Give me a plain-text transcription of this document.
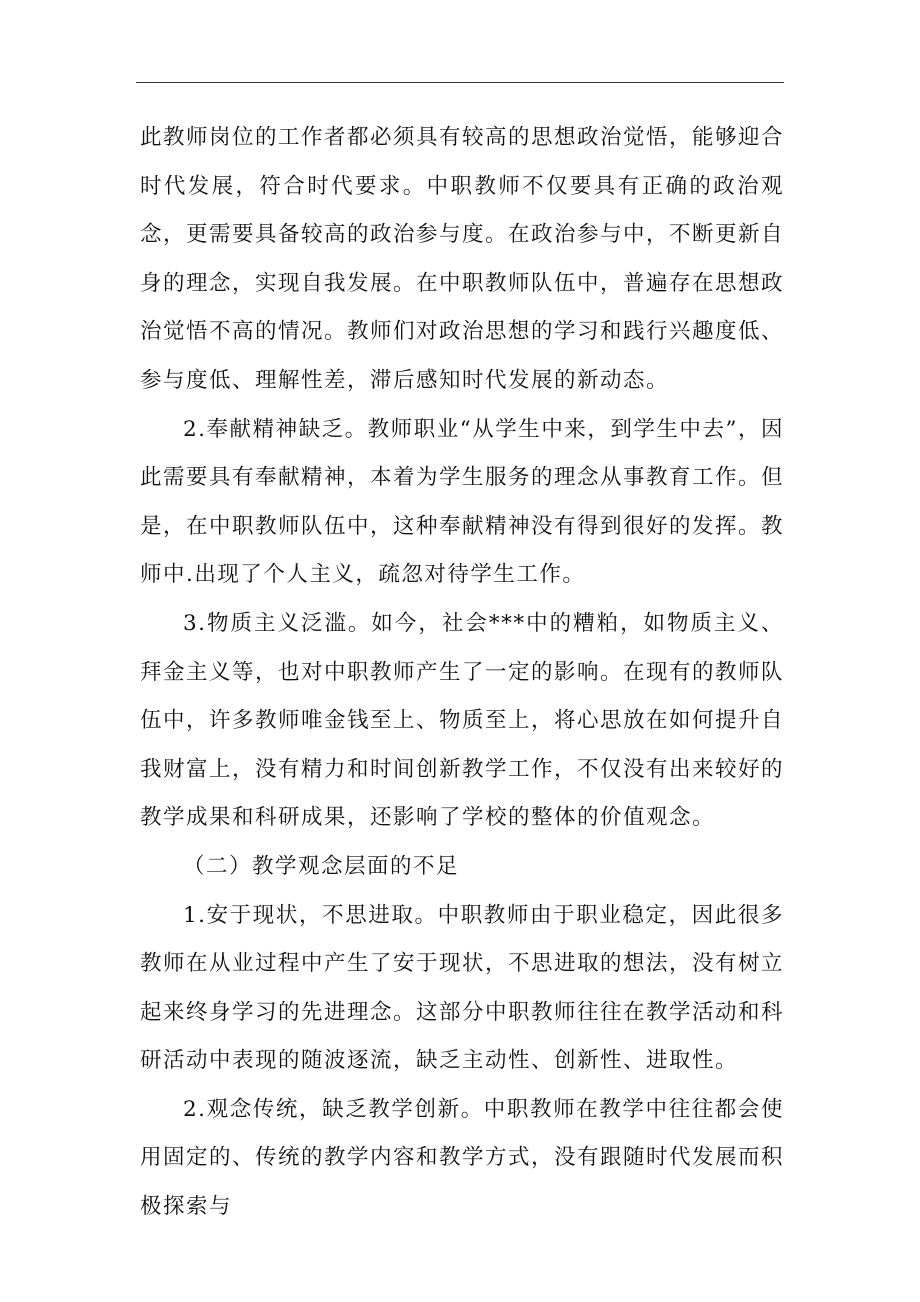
此教师岗位的工作者都必须具有较高的思想政治觉悟，能够迎合时代发展，符合时代要求。中职教师不仅要具有正确的政治观念，更需要具备较高的政治参与度。在政治参与中，不断更新自身的理念，实现自我发展。在中职教师队伍中，普遍存在思想政治觉悟不高的情况。教师们对政治思想的学习和践行兴趣度低、参与度低、理解性差，滞后感知时代发展的新动态。

2.奉献精神缺乏。教师职业“从学生中来，到学生中去”，因此需要具有奉献精神，本着为学生服务的理念从事教育工作。但是，在中职教师队伍中，这种奉献精神没有得到很好的发挥。教师中.出现了个人主义，疏忽对待学生工作。

3.物质主义泛滥。如今，社会***中的糟粕，如物质主义、拜金主义等，也对中职教师产生了一定的影响。在现有的教师队伍中，许多教师唯金钱至上、物质至上，将心思放在如何提升自我财富上，没有精力和时间创新教学工作，不仅没有出来较好的教学成果和科研成果，还影响了学校的整体的价值观念。

（二）教学观念层面的不足

1.安于现状，不思进取。中职教师由于职业稳定，因此很多教师在从业过程中产生了安于现状，不思进取的想法，没有树立起来终身学习的先进理念。这部分中职教师往往在教学活动和科研活动中表现的随波逐流，缺乏主动性、创新性、进取性。

2.观念传统，缺乏教学创新。中职教师在教学中往往都会使用固定的、传统的教学内容和教学方式，没有跟随时代发展而积极探索与
